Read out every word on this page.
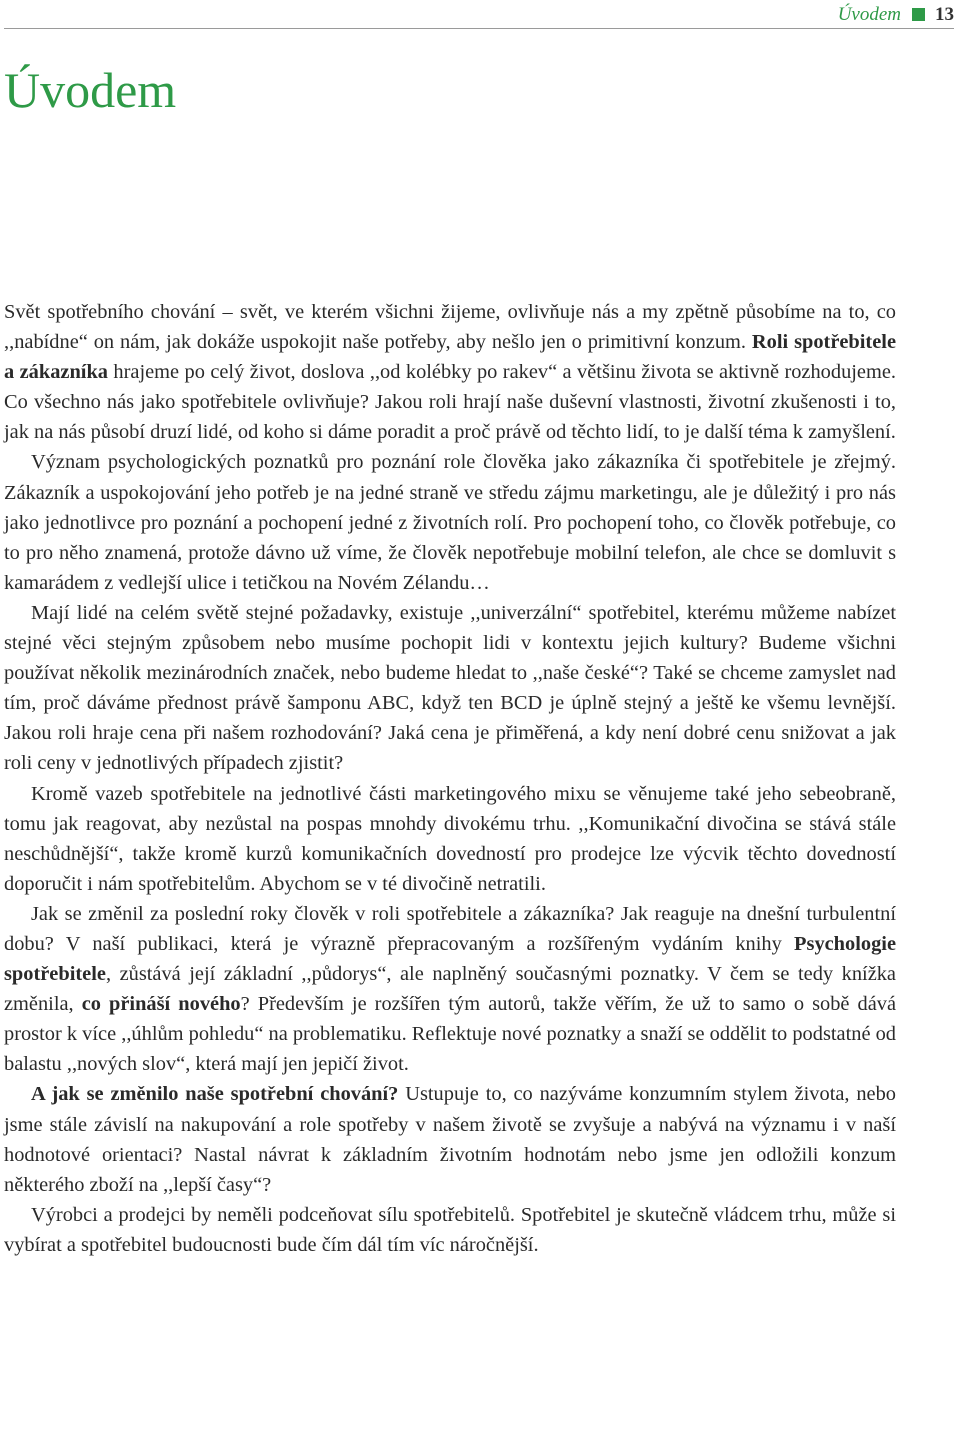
Úvodem 13
Úvodem

Svět spotřebního chování – svět, ve kterém všichni žijeme, ovlivňuje nás a my zpětně působíme na to, co ,,nabídne“ on nám, jak dokáže uspokojit naše potřeby, aby nešlo jen o primitivní konzum. Roli spotřebitele a zákazníka hrajeme po celý život, doslova ,,od kolébky po rakev“ a většinu života se aktivně rozhodujeme. Co všechno nás jako spotřebitele ovlivňuje? Jakou roli hrají naše duševní vlastnosti, životní zkušenosti i to, jak na nás působí druzí lidé, od koho si dáme poradit a proč právě od těchto lidí, to je další téma k zamyšlení.

Význam psychologických poznatků pro poznání role člověka jako zákazníka či spotřebitele je zřejmý. Zákazník a uspokojování jeho potřeb je na jedné straně ve středu zájmu marketingu, ale je důležitý i pro nás jako jednotlivce pro poznání a pochopení jedné z životních rolí. Pro pochopení toho, co člověk potřebuje, co to pro něho znamená, protože dávno už víme, že člověk nepotřebuje mobilní telefon, ale chce se domluvit s kamarádem z vedlejší ulice i tetičkou na Novém Zélandu…

Mají lidé na celém světě stejné požadavky, existuje ,,univerzální“ spotřebitel, kterému můžeme nabízet stejné věci stejným způsobem nebo musíme pochopit lidi v kontextu jejich kultury? Budeme všichni používat několik mezinárodních značek, nebo budeme hledat to ,,naše české“? Také se chceme zamyslet nad tím, proč dáváme přednost právě šamponu ABC, když ten BCD je úplně stejný a ještě ke všemu levnější. Jakou roli hraje cena při našem rozhodování? Jaká cena je přiměřená, a kdy není dobré cenu snižovat a jak roli ceny v jednotlivých případech zjistit?

Kromě vazeb spotřebitele na jednotlivé části marketingového mixu se věnujeme také jeho sebeobraně, tomu jak reagovat, aby nezůstal na pospas mnohdy divokému trhu. ,,Komunikační divočina se stává stále neschůdnější“, takže kromě kurzů komunikačních dovedností pro prodejce lze výcvik těchto dovedností doporučit i nám spotřebitelům. Abychom se v té divočině netratili.

Jak se změnil za poslední roky člověk v roli spotřebitele a zákazníka? Jak reaguje na dnešní turbulentní dobu? V naší publikaci, která je výrazně přepracovaným a rozšířeným vydáním knihy Psychologie spotřebitele, zůstává její základní ,,půdorys“, ale naplněný současnými poznatky. V čem se tedy knížka změnila, co přináší nového? Především je rozšířen tým autorů, takže věřím, že už to samo o sobě dává prostor k více ,,úhlům pohledu“ na problematiku. Reflektuje nové poznatky a snaží se oddělit to podstatné od balastu ,,nových slov“, která mají jen jepičí život.

A jak se změnilo naše spotřební chování? Ustupuje to, co nazýváme konzumním stylem života, nebo jsme stále závislí na nakupování a role spotřeby v našem životě se zvyšuje a nabývá na významu i v naší hodnotové orientaci? Nastal návrat k základním životním hodnotám nebo jsme jen odložili konzum některého zboží na ,,lepší časy“?

Výrobci a prodejci by neměli podceňovat sílu spotřebitelů. Spotřebitel je skutečně vládcem trhu, může si vybírat a spotřebitel budoucnosti bude čím dál tím víc náročnější.
